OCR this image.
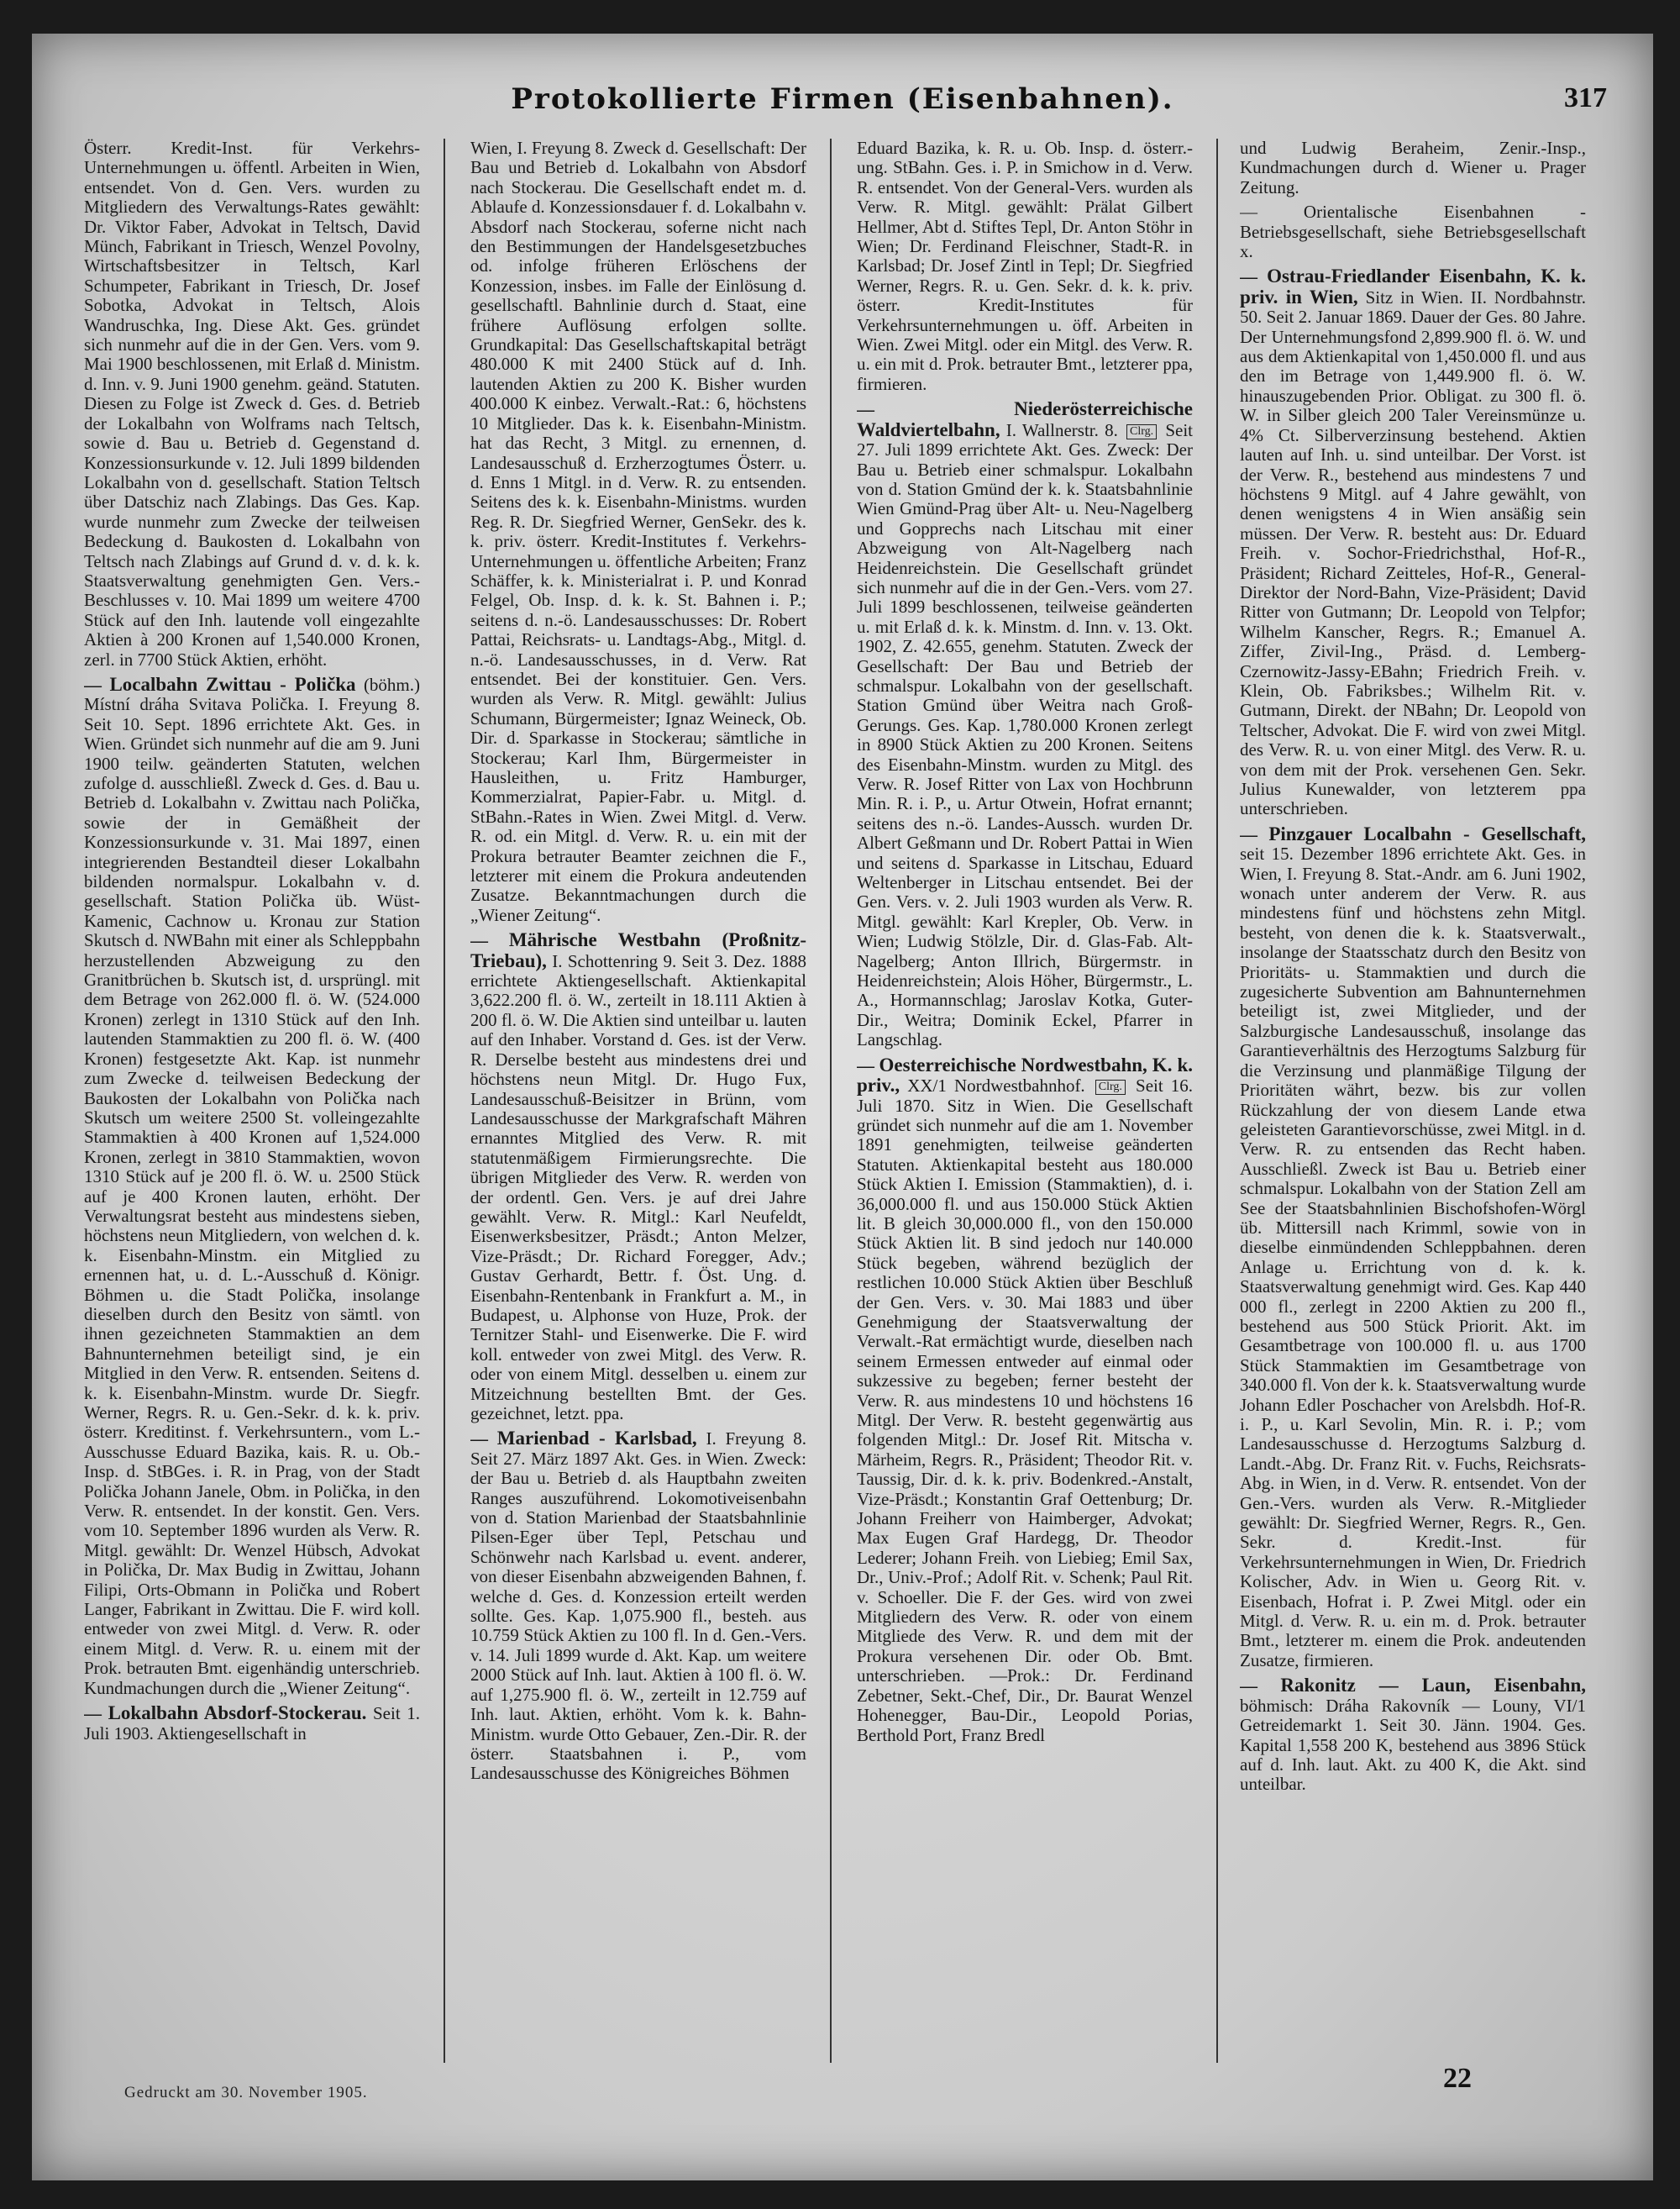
Protokollierte Firmen (Eisenbahnen).	317

Österr. Kredit-Inst. für Verkehrs-Unternehmungen u. öffentl. Arbeiten in Wien, entsendet. Von d. Gen. Vers. wurden zu Mitgliedern des Verwaltungs-Rates gewählt: Dr. Viktor Faber, Advokat in Teltsch, David Münch, Fabrikant in Triesch, Wenzel Povolny, Wirtschaftsbesitzer in Teltsch, Karl Schumpeter, Fabrikant in Triesch, Dr. Josef Sobotka, Advokat in Teltsch, Alois Wandruschka, Ing. Diese Akt. Ges. gründet sich nunmehr auf die in der Gen. Vers. vom 9. Mai 1900 beschlossenen, mit Erlaß d. Ministm. d. Inn. v. 9. Juni 1900 genehm. geänd. Statuten. Diesen zu Folge ist Zweck d. Ges. d. Betrieb der Lokalbahn von Wolframs nach Teltsch, sowie d. Bau u. Betrieb d. Gegenstand d. Konzessionsurkunde v. 12. Juli 1899 bildenden Lokalbahn von d. gesellschaft. Station Teltsch über Datschiz nach Zlabings. Das Ges. Kap. wurde nunmehr zum Zwecke der teilweisen Bedeckung d. Baukosten d. Lokalbahn von Teltsch nach Zlabings auf Grund d. v. d. k. k. Staatsverwaltung genehmigten Gen. Vers.-Beschlusses v. 10. Mai 1899 um weitere 4700 Stück auf den Inh. lautende voll eingezahlte Aktien à 200 Kronen auf 1,540.000 Kronen, zerl. in 7700 Stück Aktien, erhöht.

— Localbahn Zwittau - Polička (böhm.) Místní dráha Svitava Polička. I. Freyung 8. Seit 10. Sept. 1896 errichtete Akt. Ges. in Wien. Gründet sich nunmehr auf die am 9. Juni 1900 teilw. geänderten Statuten, welchen zufolge d. ausschließl. Zweck d. Ges. d. Bau u. Betrieb d. Lokalbahn v. Zwittau nach Polička, sowie der in Gemäßheit der Konzessionsurkunde v. 31. Mai 1897, einen integrierenden Bestandteil dieser Lokalbahn bildenden normalspur. Lokalbahn v. d. gesellschaft. Station Polička üb. Wüst-Kamenic, Cachnow u. Kronau zur Station Skutsch d. NWBahn mit einer als Schleppbahn herzustellenden Abzweigung zu den Granitbrüchen b. Skutsch ist, d. ursprüngl. mit dem Betrage von 262.000 fl. ö. W. (524.000 Kronen) zerlegt in 1310 Stück auf den Inh. lautenden Stammaktien zu 200 fl. ö. W. (400 Kronen) festgesetzte Akt. Kap. ist nunmehr zum Zwecke d. teilweisen Bedeckung der Baukosten der Lokalbahn von Polička nach Skutsch um weitere 2500 St. volleingezahlte Stammaktien à 400 Kronen auf 1,524.000 Kronen, zerlegt in 3810 Stammaktien, wovon 1310 Stück auf je 200 fl. ö. W. u. 2500 Stück auf je 400 Kronen lauten, erhöht. Der Verwaltungsrat besteht aus mindestens sieben, höchstens neun Mitgliedern, von welchen d. k. k. Eisenbahn-Minstm. ein Mitglied zu ernennen hat, u. d. L.-Ausschuß d. Königr. Böhmen u. die Stadt Polička, insolange dieselben durch den Besitz von sämtl. von ihnen gezeichneten Stammaktien an dem Bahnunternehmen beteiligt sind, je ein Mitglied in den Verw. R. entsenden. Seitens d. k. k. Eisenbahn-Minstm. wurde Dr. Siegfr. Werner, Regrs. R. u. Gen.-Sekr. d. k. k. priv. österr. Kreditinst. f. Verkehrsuntern., vom L.-Ausschusse Eduard Bazika, kais. R. u. Ob.-Insp. d. StBGes. i. R. in Prag, von der Stadt Polička Johann Janele, Obm. in Polička, in den Verw. R. entsendet. In der konstit. Gen. Vers. vom 10. September 1896 wurden als Verw. R. Mitgl. gewählt: Dr. Wenzel Hübsch, Advokat in Polička, Dr. Max Budig in Zwittau, Johann Filipi, Orts-Obmann in Polička und Robert Langer, Fabrikant in Zwittau. Die F. wird koll. entweder von zwei Mitgl. d. Verw. R. oder einem Mitgl. d. Verw. R. u. einem mit der Prok. betrauten Bmt. eigenhändig unterschrieb. Kundmachungen durch die „Wiener Zeitung“.

— Lokalbahn Absdorf-Stockerau. Seit 1. Juli 1903. Aktiengesellschaft in

Wien, I. Freyung 8. Zweck d. Gesellschaft: Der Bau und Betrieb d. Lokalbahn von Absdorf nach Stockerau. Die Gesellschaft endet m. d. Ablaufe d. Konzessionsdauer f. d. Lokalbahn v. Absdorf nach Stockerau, soferne nicht nach den Bestimmungen der Handelsgesetzbuches od. infolge früheren Erlöschens der Konzession, insbes. im Falle der Einlösung d. gesellschaftl. Bahnlinie durch d. Staat, eine frühere Auflösung erfolgen sollte. Grundkapital: Das Gesellschaftskapital beträgt 480.000 K mit 2400 Stück auf d. Inh. lautenden Aktien zu 200 K. Bisher wurden 400.000 K einbez. Verwalt.-Rat.: 6, höchstens 10 Mitglieder. Das k. k. Eisenbahn-Ministm. hat das Recht, 3 Mitgl. zu ernennen, d. Landesausschuß d. Erzherzogtumes Österr. u. d. Enns 1 Mitgl. in d. Verw. R. zu entsenden. Seitens des k. k. Eisenbahn-Ministms. wurden Reg. R. Dr. Siegfried Werner, GenSekr. des k. k. priv. österr. Kredit-Institutes f. Verkehrs-Unternehmungen u. öffentliche Arbeiten; Franz Schäffer, k. k. Ministerialrat i. P. und Konrad Felgel, Ob. Insp. d. k. k. St. Bahnen i. P.; seitens d. n.-ö. Landesausschusses: Dr. Robert Pattai, Reichsrats- u. Landtags-Abg., Mitgl. d. n.-ö. Landesausschusses, in d. Verw. Rat entsendet. Bei der konstituier. Gen. Vers. wurden als Verw. R. Mitgl. gewählt: Julius Schumann, Bürgermeister; Ignaz Weineck, Ob. Dir. d. Sparkasse in Stockerau; sämtliche in Stockerau; Karl Ihm, Bürgermeister in Hausleithen, u. Fritz Hamburger, Kommerzialrat, Papier-Fabr. u. Mitgl. d. StBahn.-Rates in Wien. Zwei Mitgl. d. Verw. R. od. ein Mitgl. d. Verw. R. u. ein mit der Prokura betrauter Beamter zeichnen die F., letzterer mit einem die Prokura andeutenden Zusatze. Bekanntmachungen durch die „Wiener Zeitung“.

— Mährische Westbahn (Proßnitz-Triebau), I. Schottenring 9. Seit 3. Dez. 1888 errichtete Aktiengesellschaft. Aktienkapital 3,622.200 fl. ö. W., zerteilt in 18.111 Aktien à 200 fl. ö. W. Die Aktien sind unteilbar u. lauten auf den Inhaber. Vorstand d. Ges. ist der Verw. R. Derselbe besteht aus mindestens drei und höchstens neun Mitgl. Dr. Hugo Fux, Landesausschuß-Beisitzer in Brünn, vom Landesausschusse der Markgrafschaft Mähren ernanntes Mitglied des Verw. R. mit statutenmäßigem Firmierungsrechte. Die übrigen Mitglieder des Verw. R. werden von der ordentl. Gen. Vers. je auf drei Jahre gewählt. Verw. R. Mitgl.: Karl Neufeldt, Eisenwerksbesitzer, Präsdt.; Anton Melzer, Vize-Präsdt.; Dr. Richard Foregger, Adv.; Gustav Gerhardt, Bettr. f. Öst. Ung. d. Eisenbahn-Rentenbank in Frankfurt a. M., in Budapest, u. Alphonse von Huze, Prok. der Ternitzer Stahl- und Eisenwerke. Die F. wird koll. entweder von zwei Mitgl. des Verw. R. oder von einem Mitgl. desselben u. einem zur Mitzeichnung bestellten Bmt. der Ges. gezeichnet, letzt. ppa.

— Marienbad - Karlsbad, I. Freyung 8. Seit 27. März 1897 Akt. Ges. in Wien. Zweck: der Bau u. Betrieb d. als Hauptbahn zweiten Ranges auszuführend. Lokomotiveisenbahn von d. Station Marienbad der Staatsbahnlinie Pilsen-Eger über Tepl, Petschau und Schönwehr nach Karlsbad u. event. anderer, von dieser Eisenbahn abzweigenden Bahnen, f. welche d. Ges. d. Konzession erteilt werden sollte. Ges. Kap. 1,075.900 fl., besteh. aus 10.759 Stück Aktien zu 100 fl. In d. Gen.-Vers. v. 14. Juli 1899 wurde d. Akt. Kap. um weitere 2000 Stück auf Inh. laut. Aktien à 100 fl. ö. W. auf 1,275.900 fl. ö. W., zerteilt in 12.759 auf Inh. laut. Aktien, erhöht. Vom k. k. Bahn-Ministm. wurde Otto Gebauer, Zen.-Dir. R. der österr. Staatsbahnen i. P., vom Landesausschusse des Königreiches Böhmen

Eduard Bazika, k. R. u. Ob. Insp. d. österr.-ung. StBahn. Ges. i. P. in Smichow in d. Verw. R. entsendet. Von der General-Vers. wurden als Verw. R. Mitgl. gewählt: Prälat Gilbert Hellmer, Abt d. Stiftes Tepl, Dr. Anton Stöhr in Wien; Dr. Ferdinand Fleischner, Stadt-R. in Karlsbad; Dr. Josef Zintl in Tepl; Dr. Siegfried Werner, Regrs. R. u. Gen. Sekr. d. k. k. priv. österr. Kredit-Institutes für Verkehrsunternehmungen u. öff. Arbeiten in Wien. Zwei Mitgl. oder ein Mitgl. des Verw. R. u. ein mit d. Prok. betrauter Bmt., letzterer ppa, firmieren.

— Niederösterreichische Waldviertelbahn, I. Wallnerstr. 8. Clrg. Seit 27. Juli 1899 errichtete Akt. Ges. Zweck: Der Bau u. Betrieb einer schmalspur. Lokalbahn von d. Station Gmünd der k. k. Staatsbahnlinie Wien Gmünd-Prag über Alt- u. Neu-Nagelberg und Gopprechs nach Litschau mit einer Abzweigung von Alt-Nagelberg nach Heidenreichstein. Die Gesellschaft gründet sich nunmehr auf die in der Gen.-Vers. vom 27. Juli 1899 beschlossenen, teilweise geänderten u. mit Erlaß d. k. k. Minstm. d. Inn. v. 13. Okt. 1902, Z. 42.655, genehm. Statuten. Zweck der Gesellschaft: Der Bau und Betrieb der schmalspur. Lokalbahn von der gesellschaft. Station Gmünd über Weitra nach Groß-Gerungs. Ges. Kap. 1,780.000 Kronen zerlegt in 8900 Stück Aktien zu 200 Kronen. Seitens des Eisenbahn-Minstm. wurden zu Mitgl. des Verw. R. Josef Ritter von Lax von Hochbrunn Min. R. i. P., u. Artur Otwein, Hofrat ernannt; seitens des n.-ö. Landes-Aussch. wurden Dr. Albert Geßmann und Dr. Robert Pattai in Wien und seitens d. Sparkasse in Litschau, Eduard Weltenberger in Litschau entsendet. Bei der Gen. Vers. v. 2. Juli 1903 wurden als Verw. R. Mitgl. gewählt: Karl Krepler, Ob. Verw. in Wien; Ludwig Stölzle, Dir. d. Glas-Fab. Alt-Nagelberg; Anton Illrich, Bürgermstr. in Heidenreichstein; Alois Höher, Bürgermstr., L. A., Hormannschlag; Jaroslav Kotka, Guter-Dir., Weitra; Dominik Eckel, Pfarrer in Langschlag.

— Oesterreichische Nordwestbahn, K. k. priv., XX/1 Nordwestbahnhof. Clrg. Seit 16. Juli 1870. Sitz in Wien. Die Gesellschaft gründet sich nunmehr auf die am 1. November 1891 genehmigten, teilweise geänderten Statuten. Aktienkapital besteht aus 180.000 Stück Aktien I. Emission (Stammaktien), d. i. 36,000.000 fl. und aus 150.000 Stück Aktien lit. B gleich 30,000.000 fl., von den 150.000 Stück Aktien lit. B sind jedoch nur 140.000 Stück begeben, während bezüglich der restlichen 10.000 Stück Aktien über Beschluß der Gen. Vers. v. 30. Mai 1883 und über Genehmigung der Staatsverwaltung der Verwalt.-Rat ermächtigt wurde, dieselben nach seinem Ermessen entweder auf einmal oder sukzessive zu begeben; ferner besteht der Verw. R. aus mindestens 10 und höchstens 16 Mitgl. Der Verw. R. besteht gegenwärtig aus folgenden Mitgl.: Dr. Josef Rit. Mitscha v. Märheim, Regrs. R., Präsident; Theodor Rit. v. Taussig, Dir. d. k. k. priv. Bodenkred.-Anstalt, Vize-Präsdt.; Konstantin Graf Oettenburg; Dr. Johann Freiherr von Haimberger, Advokat; Max Eugen Graf Hardegg, Dr. Theodor Lederer; Johann Freih. von Liebieg; Emil Sax, Dr., Univ.-Prof.; Adolf Rit. v. Schenk; Paul Rit. v. Schoeller. Die F. der Ges. wird von zwei Mitgliedern des Verw. R. oder von einem Mitgliede des Verw. R. und dem mit der Prokura versehenen Dir. oder Ob. Bmt. unterschrieben. —Prok.: Dr. Ferdinand Zebetner, Sekt.-Chef, Dir., Dr. Baurat Wenzel Hohenegger, Bau-Dir., Leopold Porias, Berthold Port, Franz Bredl

und Ludwig Beraheim, Zenir.-Insp., Kundmachungen durch d. Wiener u. Prager Zeitung.

— Orientalische Eisenbahnen - Betriebsgesellschaft, siehe Betriebsgesellschaft x.

— Ostrau-Friedlander Eisenbahn, K. k. priv. in Wien, Sitz in Wien. II. Nordbahnstr. 50. Seit 2. Januar 1869. Dauer der Ges. 80 Jahre. Der Unternehmungsfond 2,899.900 fl. ö. W. und aus dem Aktienkapital von 1,450.000 fl. und aus den im Betrage von 1,449.900 fl. ö. W. hinauszugebenden Prior. Obligat. zu 300 fl. ö. W. in Silber gleich 200 Taler Vereinsmünze u. 4% Ct. Silberverzinsung bestehend. Aktien lauten auf Inh. u. sind unteilbar. Der Vorst. ist der Verw. R., bestehend aus mindestens 7 und höchstens 9 Mitgl. auf 4 Jahre gewählt, von denen wenigstens 4 in Wien ansäßig sein müssen. Der Verw. R. besteht aus: Dr. Eduard Freih. v. Sochor-Friedrichsthal, Hof-R., Präsident; Richard Zeitteles, Hof-R., General-Direktor der Nord-Bahn, Vize-Präsident; David Ritter von Gutmann; Dr. Leopold von Telpfor; Wilhelm Kanscher, Regrs. R.; Emanuel A. Ziffer, Zivil-Ing., Präsd. d. Lemberg-Czernowitz-Jassy-EBahn; Friedrich Freih. v. Klein, Ob. Fabriksbes.; Wilhelm Rit. v. Gutmann, Direkt. der NBahn; Dr. Leopold von Teltscher, Advokat. Die F. wird von zwei Mitgl. des Verw. R. u. von einer Mitgl. des Verw. R. u. von dem mit der Prok. versehenen Gen. Sekr. Julius Kunewalder, von letzterem ppa unterschrieben.

— Pinzgauer Localbahn - Gesellschaft, seit 15. Dezember 1896 errichtete Akt. Ges. in Wien, I. Freyung 8. Stat.-Andr. am 6. Juni 1902, wonach unter anderem der Verw. R. aus mindestens fünf und höchstens zehn Mitgl. besteht, von denen die k. k. Staatsverwalt., insolange der Staatsschatz durch den Besitz von Prioritäts- u. Stammaktien und durch die zugesicherte Subvention am Bahnunternehmen beteiligt ist, zwei Mitglieder, und der Salzburgische Landesausschuß, insolange das Garantieverhältnis des Herzogtums Salzburg für die Verzinsung und planmäßige Tilgung der Prioritäten währt, bezw. bis zur vollen Rückzahlung der von diesem Lande etwa geleisteten Garantievorschüsse, zwei Mitgl. in d. Verw. R. zu entsenden das Recht haben. Ausschließl. Zweck ist Bau u. Betrieb einer schmalspur. Lokalbahn von der Station Zell am See der Staatsbahnlinien Bischofshofen-Wörgl üb. Mittersill nach Krimml, sowie von in dieselbe einmündenden Schleppbahnen. deren Anlage u. Errichtung von d. k. k. Staatsverwaltung genehmigt wird. Ges. Kap 440 000 fl., zerlegt in 2200 Aktien zu 200 fl., bestehend aus 500 Stück Priorit. Akt. im Gesamtbetrage von 100.000 fl. u. aus 1700 Stück Stammaktien im Gesamtbetrage von 340.000 fl. Von der k. k. Staatsverwaltung wurde Johann Edler Poschacher von Arelsbdh. Hof-R. i. P., u. Karl Sevolin, Min. R. i. P.; vom Landesausschusse d. Herzogtums Salzburg d. Landt.-Abg. Dr. Franz Rit. v. Fuchs, Reichsrats-Abg. in Wien, in d. Verw. R. entsendet. Von der Gen.-Vers. wurden als Verw. R.-Mitglieder gewählt: Dr. Siegfried Werner, Regrs. R., Gen. Sekr. d. Kredit.-Inst. für Verkehrsunternehmungen in Wien, Dr. Friedrich Kolischer, Adv. in Wien u. Georg Rit. v. Eisenbach, Hofrat i. P. Zwei Mitgl. oder ein Mitgl. d. Verw. R. u. ein m. d. Prok. betrauter Bmt., letzterer m. einem die Prok. andeutenden Zusatze, firmieren.

— Rakonitz — Laun, Eisenbahn, böhmisch: Dráha Rakovník — Louny, VI/1 Getreidemarkt 1. Seit 30. Jänn. 1904. Ges. Kapital 1,558 200 K, bestehend aus 3896 Stück auf d. Inh. laut. Akt. zu 400 K, die Akt. sind unteilbar.

Gedruckt am 30. November 1905.	22
